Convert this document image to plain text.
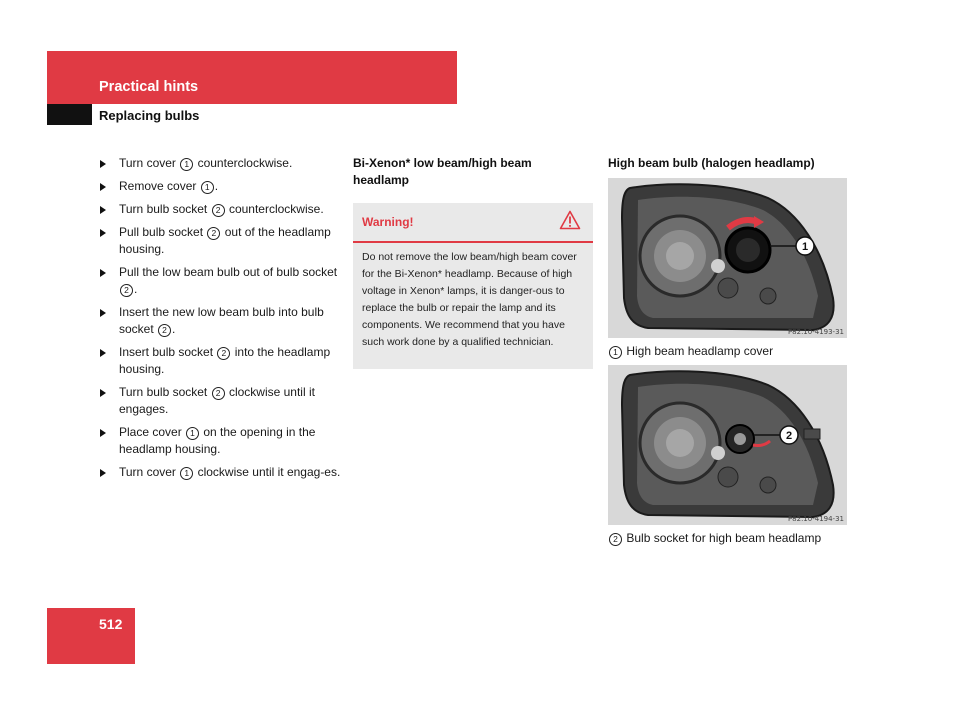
Practical hints
Replacing bulbs
Turn cover 1 counterclockwise.
Remove cover 1 .
Turn bulb socket 2 counterclockwise.
Pull bulb socket 2 out of the headlamp housing.
Pull the low beam bulb out of bulb socket 2 .
Insert the new low beam bulb into bulb socket 2 .
Insert bulb socket 2 into the headlamp housing.
Turn bulb socket 2 clockwise until it engages.
Place cover 1 on the opening in the headlamp housing.
Turn cover 1 clockwise until it engag-es.
Bi-Xenon* low beam/high beam headlamp
Warning!
Do not remove the low beam/high beam cover for the Bi-Xenon* headlamp. Because of high voltage in Xenon* lamps, it is danger-ous to replace the bulb or repair the lamp and its components. We recommend that you have such work done by a qualified technician.
High beam bulb (halogen headlamp)
1
P82.10-4193-31
1 High beam headlamp cover
2
P82.10-4194-31
2 Bulb socket for high beam headlamp
512
